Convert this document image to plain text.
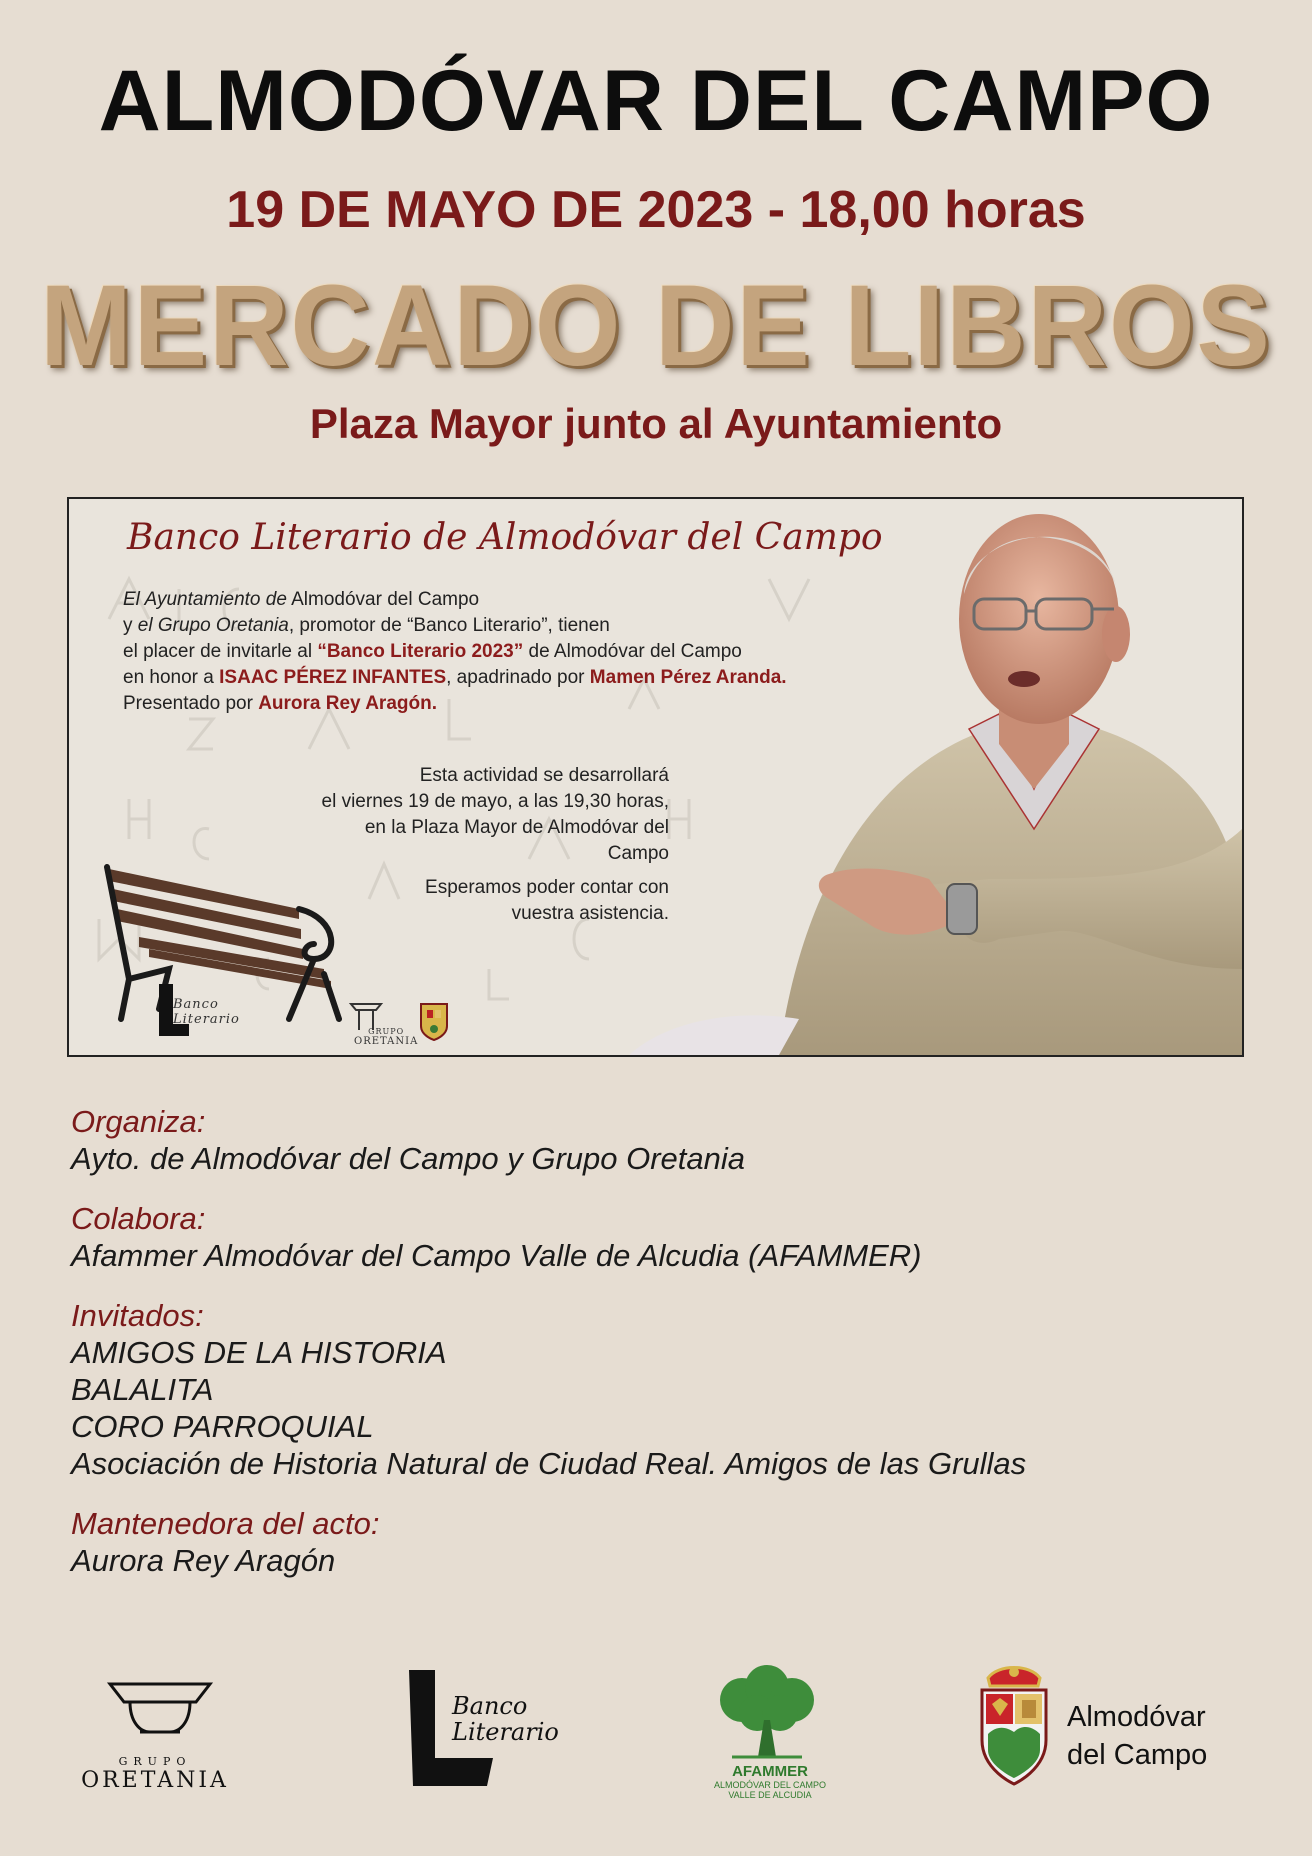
ALMODÓVAR DEL CAMPO
19 DE MAYO DE 2023 - 18,00 horas
MERCADO DE LIBROS
Plaza Mayor junto al Ayuntamiento
Banco Literario de Almodóvar del Campo
El Ayuntamiento de Almodóvar del Campo
y el Grupo Oretania, promotor de “Banco Literario”, tienen
el placer de invitarle al “Banco Literario 2023” de Almodóvar del Campo
en honor a ISAAC PÉREZ INFANTES, apadrinado por Mamen Pérez Aranda.
Presentado por Aurora Rey Aragón.
Esta actividad se desarrollará
el viernes 19 de mayo, a las 19,30 horas,
en la Plaza Mayor de Almodóvar del Campo
Esperamos poder contar con
vuestra asistencia.
Banco
Literario
GRUPO
ORETANIA
Organiza:
Ayto. de Almodóvar del Campo y Grupo Oretania
Colabora:
Afammer Almodóvar del Campo Valle de Alcudia (AFAMMER)
Invitados:
AMIGOS DE LA HISTORIA
BALALITA
CORO PARROQUIAL
Asociación de Historia Natural de Ciudad Real. Amigos de las Grullas
Mantenedora del acto:
Aurora Rey Aragón
GRUPO
ORETANIA
Banco
Literario
AFAMMER
ALMODÓVAR DEL CAMPO
VALLE DE ALCUDIA
Almodóvar
del Campo
